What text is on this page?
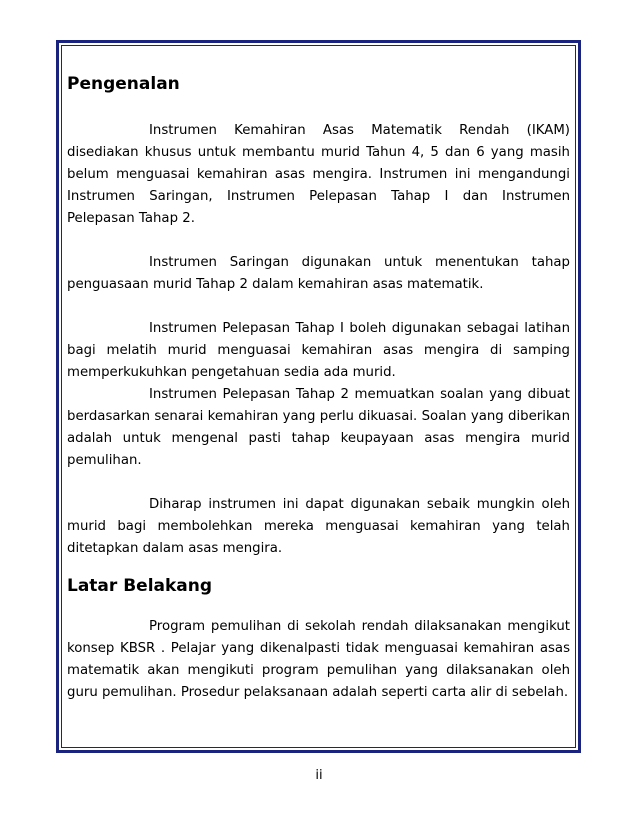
Pengenalan

Instrumen Kemahiran Asas Matematik Rendah (IKAM) disediakan khusus untuk membantu murid Tahun 4, 5 dan 6 yang masih belum menguasai kemahiran asas mengira. Instrumen ini mengandungi Instrumen Saringan, Instrumen Pelepasan Tahap I dan Instrumen Pelepasan Tahap 2.

Instrumen Saringan digunakan untuk menentukan tahap penguasaan murid Tahap 2 dalam kemahiran asas matematik.

Instrumen Pelepasan Tahap I boleh digunakan sebagai latihan bagi melatih murid menguasai kemahiran asas mengira di samping memperkukuhkan pengetahuan sedia ada murid.

Instrumen Pelepasan Tahap 2 memuatkan soalan yang dibuat berdasarkan senarai kemahiran yang perlu dikuasai. Soalan yang diberikan adalah untuk mengenal pasti tahap keupayaan asas mengira murid pemulihan.

Diharap instrumen ini dapat digunakan sebaik mungkin oleh murid bagi membolehkan mereka menguasai kemahiran yang telah ditetapkan dalam asas mengira.

Latar Belakang

Program pemulihan di sekolah rendah dilaksanakan mengikut konsep KBSR . Pelajar yang dikenalpasti tidak menguasai kemahiran asas matematik akan mengikuti program pemulihan yang dilaksanakan oleh guru pemulihan. Prosedur pelaksanaan adalah seperti carta alir di sebelah.

ii
